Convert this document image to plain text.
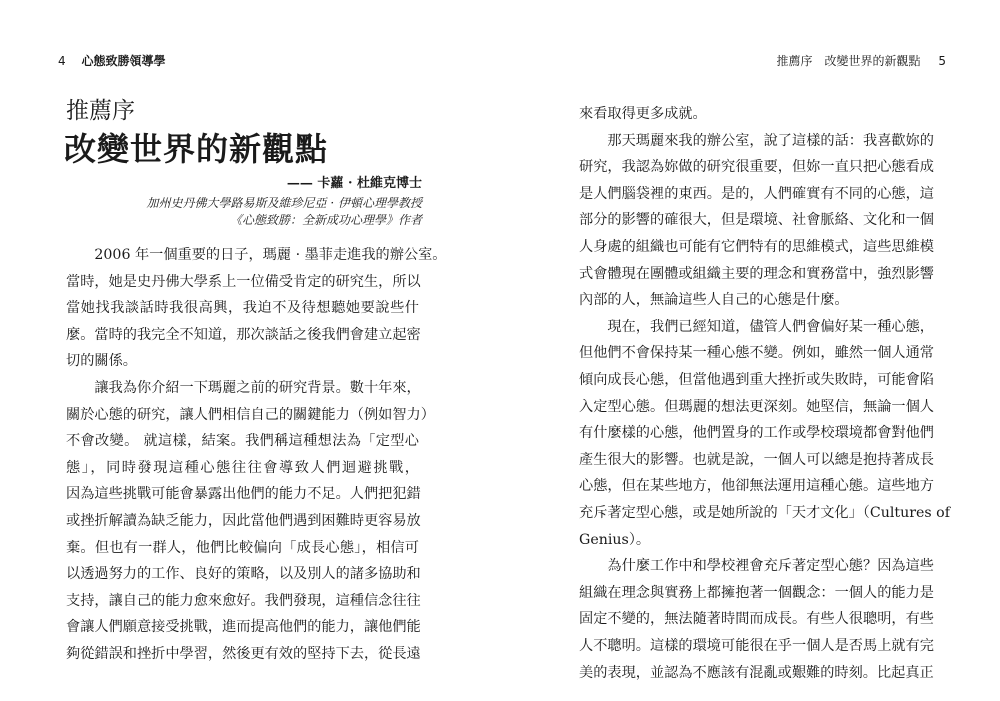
4 心態致勝領導學
推薦序
改變世界的新觀點
—— 卡蘿 · 杜維克博士
加州史丹佛大學路易斯及維珍尼亞 · 伊頓心理學教授
《心態致勝：全新成功心理學》作者

　　2006 年一個重要的日子，瑪麗 · 墨菲走進我的辦公室。
當時，她是史丹佛大學系上一位備受肯定的研究生，所以
當她找我談話時我很高興，我迫不及待想聽她要說些什
麼。當時的我完全不知道，那次談話之後我們會建立起密
切的關係。

　　讓我為你介紹一下瑪麗之前的研究背景。數十年來，
關於心態的研究，讓人們相信自己的關鍵能力（例如智力）
不會改變。 就這樣，結案。我們稱這種想法為「定型心
態」，同時發現這種心態往往會導致人們迴避挑戰，
因為這些挑戰可能會暴露出他們的能力不足。人們把犯錯
或挫折解讀為缺乏能力，因此當他們遇到困難時更容易放
棄。但也有一群人，他們比較偏向「成長心態」，相信可
以透過努力的工作、良好的策略，以及別人的諸多協助和
支持，讓自己的能力愈來愈好。我們發現，這種信念往往
會讓人們願意接受挑戰，進而提高他們的能力，讓他們能
夠從錯誤和挫折中學習，然後更有效的堅持下去，從長遠

推薦序　改變世界的新觀點 5

來看取得更多成就。

　　那天瑪麗來我的辦公室，說了這樣的話：我喜歡妳的
研究，我認為妳做的研究很重要，但妳一直只把心態看成
是人們腦袋裡的東西。是的，人們確實有不同的心態，這
部分的影響的確很大，但是環境、社會脈絡、文化和一個
人身處的組織也可能有它們特有的思維模式，這些思維模
式會體現在團體或組織主要的理念和實務當中，強烈影響
內部的人，無論這些人自己的心態是什麼。

　　現在，我們已經知道，儘管人們會偏好某一種心態，
但他們不會保持某一種心態不變。例如，雖然一個人通常
傾向成長心態，但當他遇到重大挫折或失敗時，可能會陷
入定型心態。但瑪麗的想法更深刻。她堅信，無論一個人
有什麼樣的心態，他們置身的工作或學校環境都會對他們
產生很大的影響。也就是說，一個人可以總是抱持著成長
心態，但在某些地方，他卻無法運用這種心態。這些地方
充斥著定型心態，或是她所說的「天才文化」（Cultures of
Genius）。

　　為什麼工作中和學校裡會充斥著定型心態？因為這些
組織在理念與實務上都擁抱著一個觀念：一個人的能力是
固定不變的，無法隨著時間而成長。有些人很聰明，有些
人不聰明。這樣的環境可能很在乎一個人是否馬上就有完
美的表現，並認為不應該有混亂或艱難的時刻。比起真正
